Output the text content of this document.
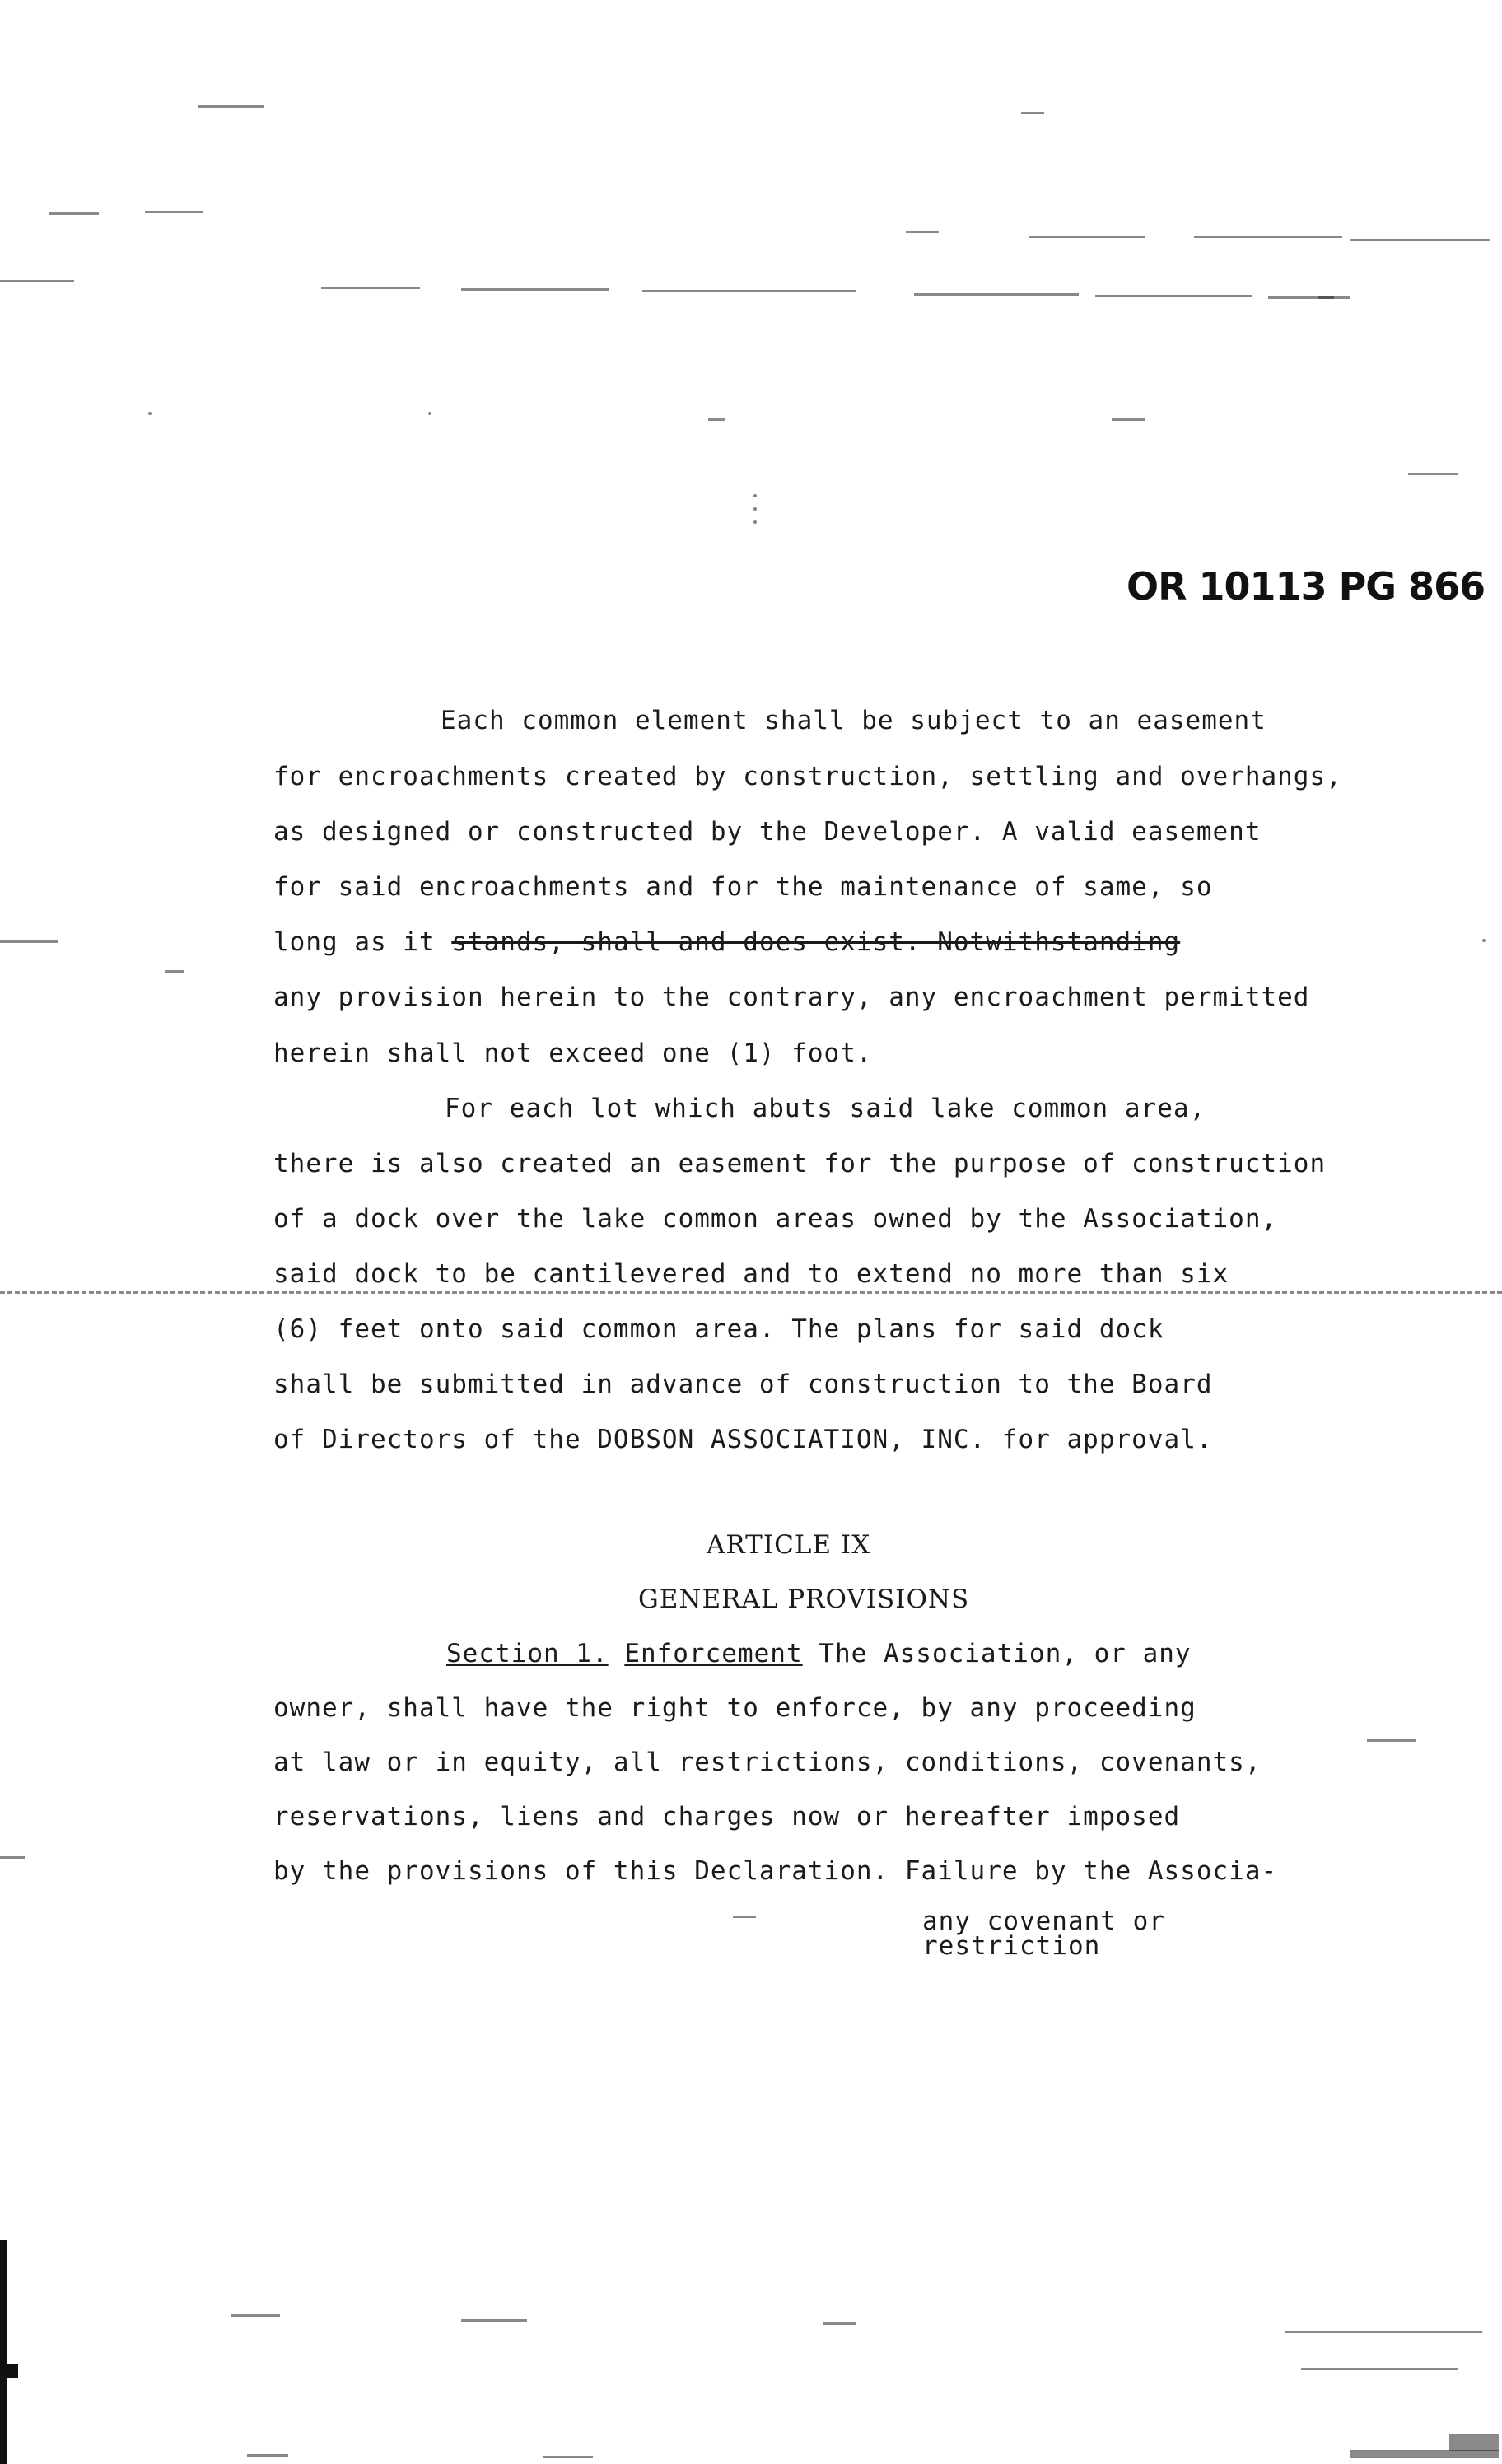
OR 10113 PG 866
Each common element shall be subject to an easement
for encroachments created by construction, settling and overhangs,
as designed or constructed by the Developer. A valid easement
for said encroachments and for the maintenance of same, so
long as it stands, shall and does exist. Notwithstanding
any provision herein to the contrary, any encroachment permitted
herein shall not exceed one (1) foot.
For each lot which abuts said lake common area,
there is also created an easement for the purpose of construction
of a dock over the lake common areas owned by the Association,
said dock to be cantilevered and to extend no more than six
(6) feet onto said common area. The plans for said dock
shall be submitted in advance of construction to the Board
of Directors of the DOBSON ASSOCIATION, INC. for approval.
ARTICLE IX
GENERAL PROVISIONS
Section 1. Enforcement The Association, or any
owner, shall have the right to enforce, by any proceeding
at law or in equity, all restrictions, conditions, covenants,
reservations, liens and charges now or hereafter imposed
by the provisions of this Declaration. Failure by the Associa-
any covenant or restriction
